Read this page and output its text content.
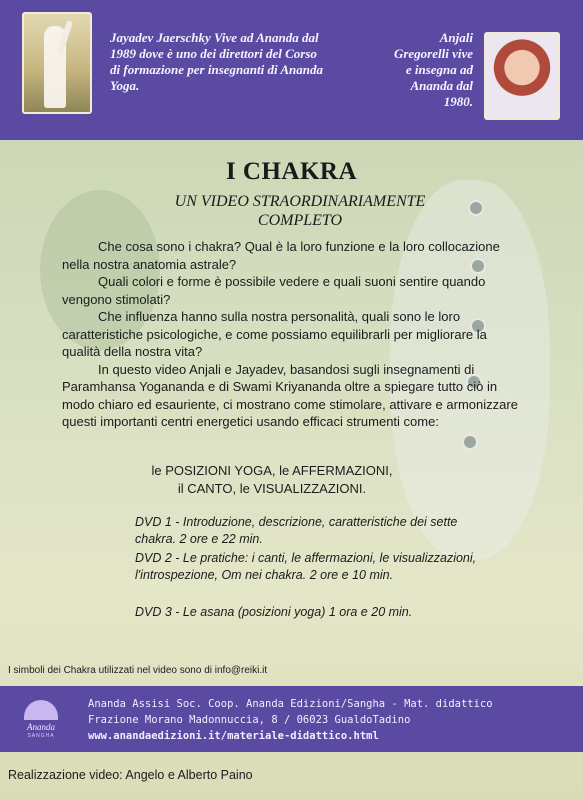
Jayadev Jaerschky Vive ad Ananda dal 1989 dove è uno dei direttori del Corso di formazione per insegnanti di Ananda Yoga.
Anjali Gregorelli vive e insegna ad Ananda dal 1980.
I CHAKRA
UN VIDEO STRAORDINARIAMENTE COMPLETO

Che cosa sono i chakra? Qual è la loro funzione e la loro collocazione nella nostra anatomia astrale?

Quali colori e forme è possibile vedere e quali suoni sentire quando vengono stimolati?

Che influenza hanno sulla nostra personalità, quali sono le loro caratteristiche psicologiche, e come possiamo equilibrarli per migliorare la qualità della nostra vita?

In questo video Anjali e Jayadev, basandosi sugli insegnamenti di Paramhansa Yogananda e di Swami Kriyananda oltre a spiegare tutto ciò in modo chiaro ed esauriente, ci mostrano come stimolare, attivare e armonizzare questi importanti centri energetici usando efficaci strumenti come:

le POSIZIONI YOGA, le AFFERMAZIONI,
il CANTO, le VISUALIZZAZIONI.
DVD 1 - Introduzione, descrizione, caratteristiche dei sette chakra. 2 ore e 22 min.
DVD 2 - Le pratiche: i canti, le affermazioni, le visualizzazioni, l'introspezione, Om nei chakra. 2 ore e 10 min.
DVD 3 - Le asana (posizioni yoga) 1 ora e 20 min.
I simboli dei Chakra utilizzati nel video sono di info@reiki.it
Ananda
SANGHA
Ananda Assisi Soc. Coop. Ananda Edizioni/Sangha - Mat. didattico
Frazione Morano Madonnuccia, 8 / 06023 GualdoTadino
www.anandaedizioni.it/materiale-didattico.html
Realizzazione video: Angelo e Alberto Paino
